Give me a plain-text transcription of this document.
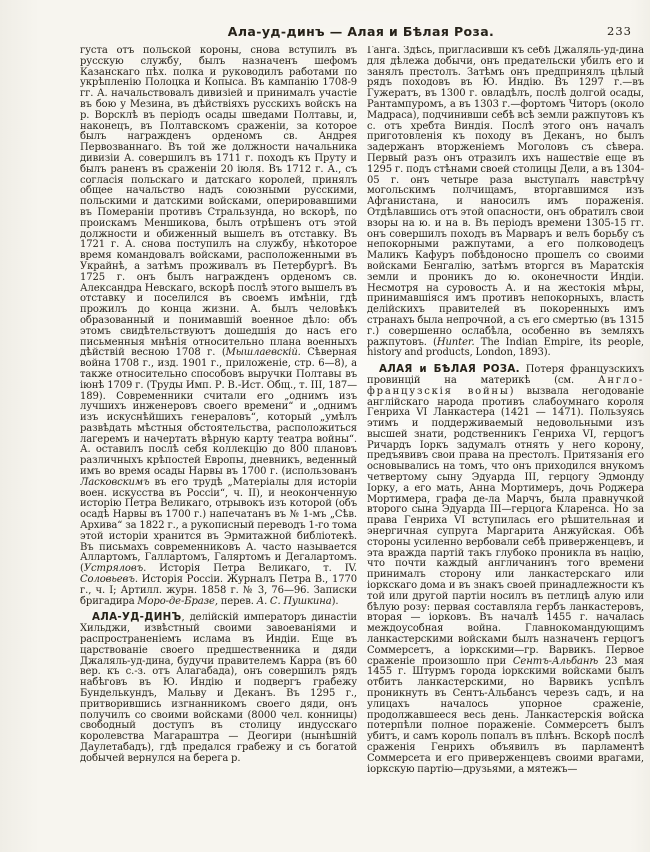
Ала-уд-динъ — Алая и Бѣлая Роза.	233

густа отъ польской короны, снова вступилъ въ русскую службу, былъ назначенъ шефомъ Казанскаго пѣх. полка и руководилъ работами по укрѣпленію Полоцка и Копыса. Въ кампанію 1708-9 гг. А. начальствовалъ дивизіей и принималъ участіе въ бою у Мезина, въ дѣйствіяхъ русскихъ войскъ на р. Ворсклѣ въ періодъ осады шведами Полтавы, и, наконецъ, въ Полтавскомъ сраженіи, за которое былъ награжденъ орденомъ св. Андрея Первозваннаго. Въ той же должности начальника дивизіи А. совершилъ въ 1711 г. походъ къ Пруту и былъ раненъ въ сраженіи 20 іюля. Въ 1712 г. А., съ согласія польскаго и датскаго королей, принялъ общее начальство надъ союзными русскими, польскими и датскими войсками, оперировавшими въ Помераніи противъ Стральзунда, но вскорѣ, по проискамъ Меншикова, былъ отрѣшенъ отъ этой должности и обиженный вышелъ въ отставку. Въ 1721 г. А. снова поступилъ на службу, нѣкоторое время командовалъ войсками, расположенными въ Украйнѣ, а затѣмъ проживалъ въ Петербургѣ. Въ 1725 г. онъ былъ награжденъ орденомъ св. Александра Невскаго, вскорѣ послѣ этого вышелъ въ отставку и поселился въ своемъ имѣніи, гдѣ прожилъ до конца жизни. А. былъ человѣкъ образованный и понимавшій военное дѣло: объ этомъ свидѣтельствуютъ дошедшія до насъ его письменныя мнѣнія относительно плана военныхъ дѣйствій весною 1708 г. (Мышлаевскій. Сѣверная война 1708 г., изд. 1901 г., приложеніе, стр. 6—8), а также относительно способовъ выручки Полтавы въ іюнѣ 1709 г. (Труды Имп. Р. В.-Ист. Общ., т. III, 187—189). Современники считали его „однимъ изъ лучшихъ инженеровъ своего времени“ и „однимъ изъ искуснѣйшихъ генераловъ“, который „умѣлъ развѣдать мѣстныя обстоятельства, расположиться лагеремъ и начертать вѣрную карту театра войны“. А. оставилъ послѣ себя коллекцію до 800 плановъ различныхъ крѣпостей Европы, дневникъ, веденный имъ во время осады Нарвы въ 1700 г. (использованъ Ласковскимъ въ его трудѣ „Матеріалы для исторіи воен. искусства въ Россіи“, ч. II), и неоконченную исторію Петра Великаго, отрывокъ изъ которой (объ осадѣ Нарвы въ 1700 г.) напечатанъ въ № 1-мъ „Сѣв. Архива“ за 1822 г., а рукописный переводъ 1-го тома этой исторіи хранится въ Эрмитажной библіотекѣ. Въ письмахъ современниковъ А. часто называется Аллартомъ, Галлартомъ, Галяртомъ и Дегалартомъ. (Устряловъ. Исторія Петра Великаго, т. IV. Соловьевъ. Исторія Россіи. Журналъ Петра В., 1770 г., ч. I; Артилл. журн. 1858 г. № 3, 76—96. Записки бригадира Моро-де-Бразе, перев. А. С. Пушкина).

АЛА-УД-ДИНЪ, делійскій императоръ династіи Хильджи, извѣстный своими завоеваніями и распространеніемъ ислама въ Индіи. Еще въ царствованіе своего предшественника и дяди Джаляль-уд-дина, будучи правителемъ Карра (въ 60 вер. къ с.-з. отъ Алагабада), онъ совершилъ рядъ набѣговъ въ Ю. Индію и подвергъ грабежу Бунделькундъ, Мальву и Деканъ. Въ 1295 г., притворившись изгнанникомъ своего дяди, онъ получилъ со своими войсками (8000 чел. конницы) свободный доступъ въ столицу индусскаго королевства Магараштра — Деогири (нынѣшній Даулетабадъ), гдѣ предался грабежу и съ богатой добычей вернулся на берега р.

Ганга. Здѣсь, пригласивши къ себѣ Джаляль-уд-дина для дѣлежа добычи, онъ предательски убилъ его и занялъ престолъ. Затѣмъ онъ предпринялъ цѣлый рядъ походовъ въ Ю. Индію. Въ 1297 г.—въ Гужератъ, въ 1300 г. овладѣлъ, послѣ долгой осады, Рантампуромъ, а въ 1303 г.—фортомъ Читоръ (около Мадраса), подчинивши себѣ всѣ земли ражпутовъ къ с. отъ хребта Виндія. Послѣ этого онъ началъ приготовленія къ походу въ Деканъ, но былъ задержанъ вторженіемъ Моголовъ съ сѣвера. Первый разъ онъ отразилъ ихъ нашествіе еще въ 1295 г. подъ стѣнами своей столицы Дели, а въ 1304-05 г. онъ четыре раза выступалъ навстрѣчу могольскимъ полчищамъ, вторгавшимся изъ Афганистана, и наносилъ имъ пораженія. Отдѣлавшись отъ этой опасности, онъ обратилъ свои взоры на ю. и на в. Въ періодъ времени 1305-15 гг. онъ совершилъ походъ въ Марваръ и велъ борьбу съ непокорными ражпутами, а его полководецъ Маликъ Кафуръ побѣдоносно прошелъ со своими войсками Бенгалію, затѣмъ вторгся въ Маратскія земли и проникъ до ю. оконечности Индіи. Несмотря на суровость А. и на жестокія мѣры, принимавшіяся имъ противъ непокорныхъ, власть делійскихъ правителей въ покоренныхъ имъ странахъ была непрочной, а съ его смертью (въ 1315 г.) совершенно ослабѣла, особенно въ земляхъ ражпутовъ. (Hunter. The Indian Empire, its people, history and products, London, 1893).

АЛАЯ и БѢЛАЯ РОЗА. Потеря французскихъ провинцій на материкѣ (см. Англо-французскія войны) вызвала негодованіе англійскаго народа противъ слабоумнаго короля Генриха VI Ланкастера (1421 — 1471). Пользуясь этимъ и поддерживаемый недовольными изъ высшей знати, родственникъ Генриха VI, герцогъ Ричардъ Іоркъ задумалъ отнять у него корону, предъявивъ свои права на престолъ. Притязанія его основывались на томъ, что онъ приходился внукомъ четвертому сыну Эдуарда III, герцогу Эдмонду Іорку, а его мать, Анна Мортимеръ, дочь Роджера Мортимера, графа де-ла Марчъ, была правнучкой второго сына Эдуарда III—герцога Кларенса. Но за права Генриха VI вступилась его рѣшительная и энергичная супруга Маргарита Анжуйская. Обѣ стороны усиленно вербовали себѣ приверженцевъ, и эта вражда партій такъ глубоко проникла въ націю, что почти каждый англичанинъ того времени принималъ сторону или ланкастерскаго или іоркскаго дома и въ знакъ своей принадлежности къ той или другой партіи носилъ въ петлицѣ алую или бѣлую розу: первая составляла гербъ ланкастеровъ, вторая — іорковъ. Въ началѣ 1455 г. началась междоусобная война. Главнокомандующимъ ланкастерскими войсками былъ назначенъ герцогъ Соммерсетъ, а іоркскими—гр. Варвикъ. Первое сраженіе произошло при Сентъ-Альбанѣ 23 мая 1455 г. Штурмъ города іоркскими войсками былъ отбитъ ланкастерскими, но Варвикъ успѣлъ проникнуть въ Сентъ-Альбансъ черезъ садъ, и на улицахъ началось упорное сраженіе, продолжавшееся весь день. Ланкастерскія войска потерпѣли полное пораженіе. Соммерсетъ былъ убитъ, и самъ король попалъ въ плѣнъ. Вскорѣ послѣ сраженія Генрихъ объявилъ въ парламентѣ Соммерсета и его приверженцевъ своими врагами, іоркскую партію—друзьями, а мятежъ—
